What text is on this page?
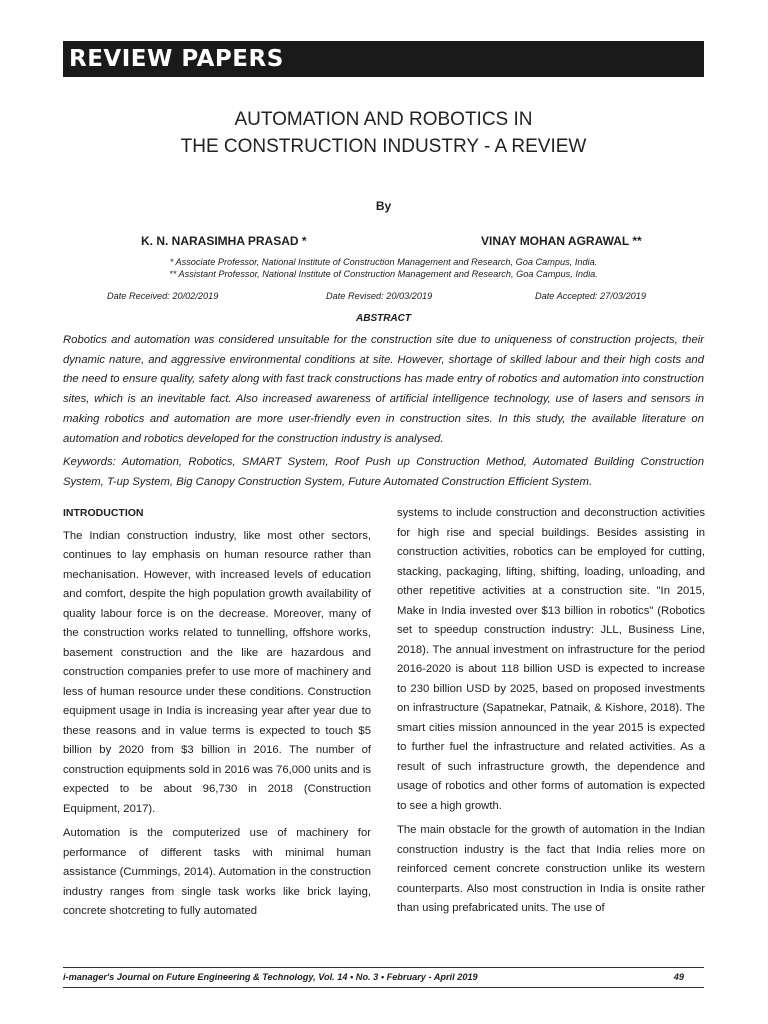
REVIEW PAPERS
AUTOMATION AND ROBOTICS IN
THE CONSTRUCTION INDUSTRY - A REVIEW
By
K. N. NARASIMHA PRASAD *	VINAY MOHAN AGRAWAL **
* Associate Professor, National Institute of Construction Management and Research, Goa Campus, India.
** Assistant Professor, National Institute of Construction Management and Research, Goa Campus, India.
Date Received: 20/02/2019	Date Revised: 20/03/2019	Date Accepted: 27/03/2019
ABSTRACT

Robotics and automation was considered unsuitable for the construction site due to uniqueness of construction projects, their dynamic nature, and aggressive environmental conditions at site. However, shortage of skilled labour and their high costs and the need to ensure quality, safety along with fast track constructions has made entry of robotics and automation into construction sites, which is an inevitable fact. Also increased awareness of artificial intelligence technology, use of lasers and sensors in making robotics and automation are more user-friendly even in construction sites. In this study, the available literature on automation and robotics developed for the construction industry is analysed.

Keywords: Automation, Robotics, SMART System, Roof Push up Construction Method, Automated Building Construction System, T-up System, Big Canopy Construction System, Future Automated Construction Efficient System.

INTRODUCTION

The Indian construction industry, like most other sectors, continues to lay emphasis on human resource rather than mechanisation. However, with increased levels of education and comfort, despite the high population growth availability of quality labour force is on the decrease. Moreover, many of the construction works related to tunnelling, offshore works, basement construction and the like are hazardous and construction companies prefer to use more of machinery and less of human resource under these conditions. Construction equipment usage in India is increasing year after year due to these reasons and in value terms is expected to touch $5 billion by 2020 from $3 billion in 2016. The number of construction equipments sold in 2016 was 76,000 units and is expected to be about 96,730 in 2018 (Construction Equipment, 2017).

Automation is the computerized use of machinery for performance of different tasks with minimal human assistance (Cummings, 2014). Automation in the construction industry ranges from single task works like brick laying, concrete shotcreting to fully automated

systems to include construction and deconstruction activities for high rise and special buildings. Besides assisting in construction activities, robotics can be employed for cutting, stacking, packaging, lifting, shifting, loading, unloading, and other repetitive activities at a construction site. "In 2015, Make in India invested over $13 billion in robotics" (Robotics set to speedup construction industry: JLL, Business Line, 2018). The annual investment on infrastructure for the period 2016-2020 is about 118 billion USD is expected to increase to 230 billion USD by 2025, based on proposed investments on infrastructure (Sapatnekar, Patnaik, & Kishore, 2018). The smart cities mission announced in the year 2015 is expected to further fuel the infrastructure and related activities. As a result of such infrastructure growth, the dependence and usage of robotics and other forms of automation is expected to see a high growth.

The main obstacle for the growth of automation in the Indian construction industry is the fact that India relies more on reinforced cement concrete construction unlike its western counterparts. Also most construction in India is onsite rather than using prefabricated units. The use of

i-manager's Journal on Future Engineering & Technology, Vol. 14 • No. 3 • February - April 2019	49
